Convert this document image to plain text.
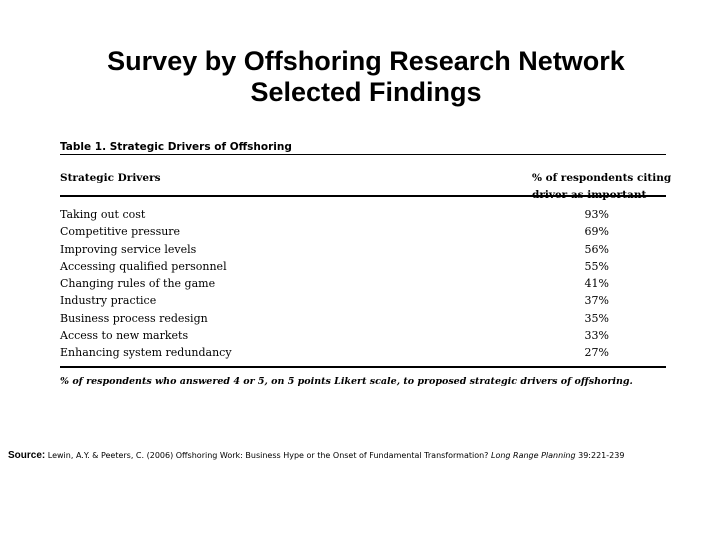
Survey by Offshoring Research Network
Selected Findings
Table 1. Strategic Drivers of Offshoring
Strategic Drivers	% of respondents citing
driver as important
Taking out cost	93%
Competitive pressure	69%
Improving service levels	56%
Accessing qualified personnel	55%
Changing rules of the game	41%
Industry practice	37%
Business process redesign	35%
Access to new markets	33%
Enhancing system redundancy	27%
% of respondents who answered 4 or 5, on 5 points Likert scale, to proposed strategic drivers of offshoring.
Source: Lewin, A.Y. & Peeters, C. (2006) Offshoring Work: Business Hype or the Onset of Fundamental Transformation? Long Range Planning 39:221-239
